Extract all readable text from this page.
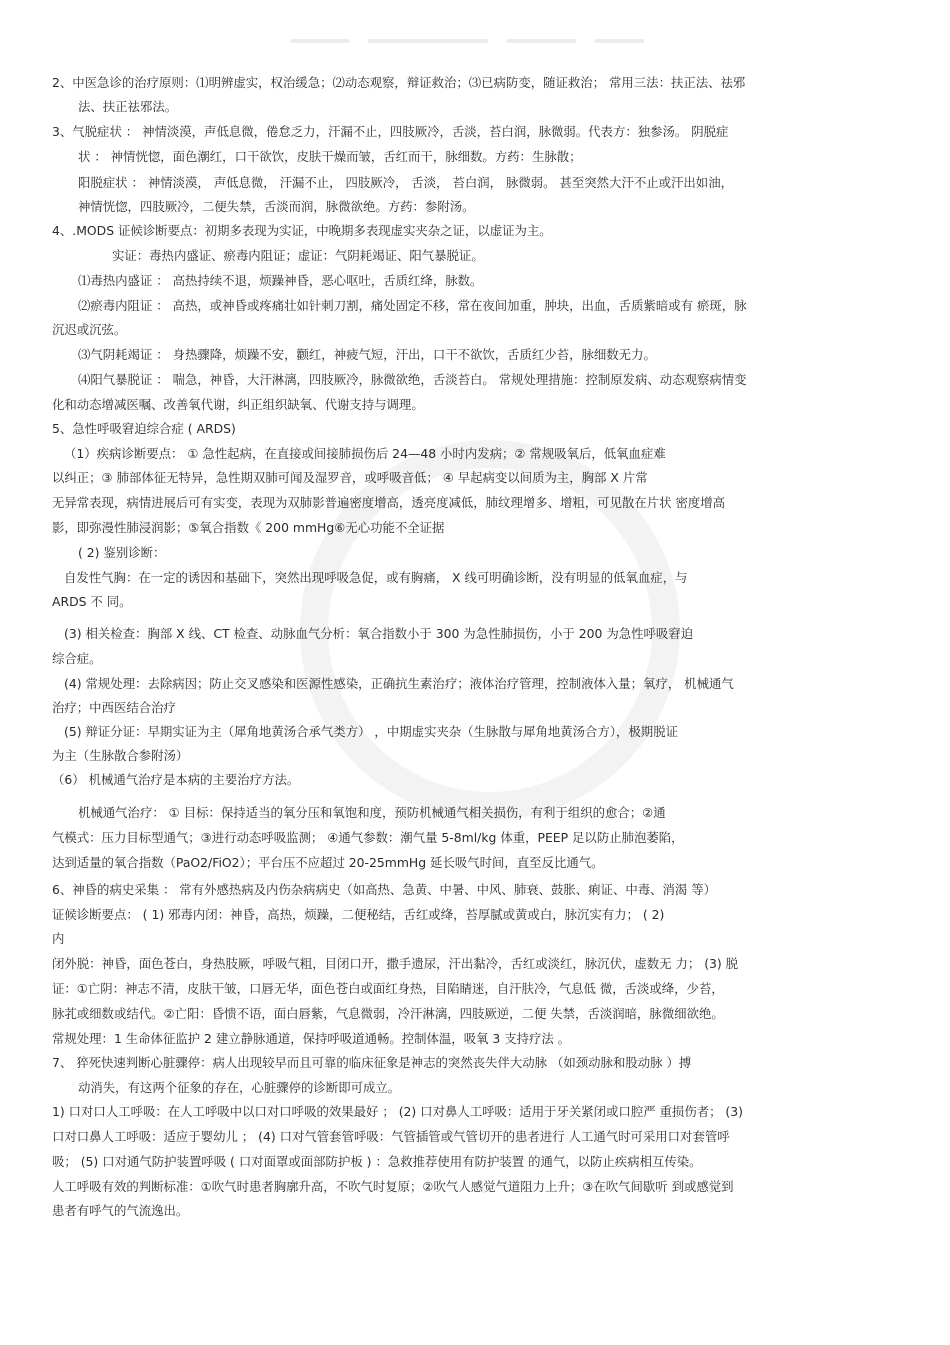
2、中医急诊的治疗原则：⑴明辨虚实，权治缓急；⑵动态观察，辩证救治；⑶已病防变，随证救治； 常用三法：扶正法、祛邪
法、扶正祛邪法。
3、气脱症状 ： 神情淡漠，声低息微，倦怠乏力，汗漏不止，四肢厥冷，舌淡，苔白润，脉微弱。代表方：独参汤。 阴脱症
状 ： 神情恍惚，面色潮红，口干欲饮，皮肤干燥而皱，舌红而干，脉细数。方药：生脉散；
阳脱症状 ： 神情淡漠， 声低息微， 汗漏不止， 四肢厥冷， 舌淡， 苔白润， 脉微弱。 甚至突然大汗不止或汗出如油，
神情恍惚，四肢厥冷，二便失禁，舌淡而润，脉微欲绝。方药：参附汤。
4、.MODS 证候诊断要点：初期多表现为实证，中晚期多表现虚实夹杂之证，以虚证为主。
实证：毒热内盛证、瘀毒内阻证；虚证：气阴耗竭证、阳气暴脱证。
⑴毒热内盛证 ： 高热持续不退，烦躁神昏，恶心呕吐，舌质红绛，脉数。
⑵瘀毒内阻证 ： 高热，或神昏或疼痛壮如针刺刀割，痛处固定不移，常在夜间加重，肿块，出血，舌质紫暗或有 瘀斑，脉
沉迟或沉弦。
⑶气阴耗竭证 ： 身热骤降，烦躁不安，颧红，神疲气短，汗出，口干不欲饮，舌质红少苔，脉细数无力。
⑷阳气暴脱证 ： 喘急，神昏，大汗淋漓，四肢厥冷，脉微欲绝，舌淡苔白。 常规处理措施：控制原发病、动态观察病情变
化和动态增减医嘱、改善氧代谢，纠正组织缺氧、代谢支持与调理。
5、急性呼吸窘迫综合症 ( ARDS)
（1）疾病诊断要点： ① 急性起病，在直接或间接肺损伤后 24—48 小时内发病；② 常规吸氧后，低氧血症难
以纠正；③ 肺部体征无特异，急性期双肺可闻及湿罗音，或呼吸音低； ④ 早起病变以间质为主，胸部 X 片常
无异常表现，病情进展后可有实变，表现为双肺影普遍密度增高，透亮度减低，肺纹理增多、增粗，可见散在片状 密度增高
影，即弥漫性肺浸润影；⑤氧合指数《 200 mmHg⑥无心功能不全证据
( 2) 鉴别诊断：
自发性气胸：在一定的诱因和基础下，突然出现呼吸急促，或有胸痛， X 线可明确诊断，没有明显的低氧血症，与
ARDS 不 同。
(3) 相关检查：胸部 X 线、CT 检查、动脉血气分析：氧合指数小于 300 为急性肺损伤，小于 200 为急性呼吸窘迫
综合症。
(4) 常规处理：去除病因；防止交叉感染和医源性感染，正确抗生素治疗；液体治疗管理，控制液体入量；氧疗， 机械通气
治疗；中西医结合治疗
(5) 辩证分证：早期实证为主（犀角地黄汤合承气类方） ，中期虚实夹杂（生脉散与犀角地黄汤合方），极期脱证
为主（生脉散合参附汤）
（6） 机械通气治疗是本病的主要治疗方法。
机械通气治疗： ① 目标：保持适当的氧分压和氧饱和度，预防机械通气相关损伤，有利于组织的愈合；②通
气模式：压力目标型通气；③进行动态呼吸监测； ④通气参数：潮气量 5-8ml/kg 体重，PEEP 足以防止肺泡萎陷，
达到适量的氧合指数（PaO2/FiO2）；平台压不应超过 20-25mmHg 延长吸气时间，直至反比通气。
6、神昏的病史采集 ： 常有外感热病及内伤杂病病史（如高热、急黄、中暑、中风、肺衰、鼓胀、痢证、中毒、消渴 等）
证候诊断要点： ( 1) 邪毒内闭：神昏，高热，烦躁，二便秘结，舌红或绛，苔厚腻或黄或白，脉沉实有力； ( 2)
内
闭外脱：神昏，面色苍白，身热肢厥，呼吸气粗，目闭口开，撒手遗尿，汗出黏冷，舌红或淡红，脉沉伏，虚数无 力； (3) 脱
证：①亡阴：神志不清，皮肤干皱，口唇无华，面色苍白或面红身热，目陷睛迷，自汗肤冷，气息低 微，舌淡或绛，少苔，
脉芤或细数或结代。②亡阳：昏愦不语，面白唇紫，气息微弱，冷汗淋漓，四肢厥逆，二便 失禁，舌淡润暗，脉微细欲绝。
常规处理：1 生命体征监护 2 建立静脉通道，保持呼吸道通畅。控制体温，吸氧 3 支持疗法 。
7、 猝死快速判断心脏骤停：病人出现较早而且可靠的临床征象是神志的突然丧失伴大动脉 （如颈动脉和股动脉 ）搏
动消失，有这两个征象的存在，心脏骤停的诊断即可成立。
1) 口对口人工呼吸：在人工呼吸中以口对口呼吸的效果最好 ； (2) 口对鼻人工呼吸：适用于牙关紧闭或口腔严 重损伤者； (3)
口对口鼻人工呼吸：适应于婴幼儿 ； (4) 口对气管套管呼吸：气管插管或气管切开的患者进行 人工通气时可采用口对套管呼
吸； (5) 口对通气防护装置呼吸 ( 口对面罩或面部防护板 ) ：急救推荐使用有防护装置 的通气，以防止疾病相互传染。
人工呼吸有效的判断标准：①吹气时患者胸廓升高，不吹气时复原；②吹气人感觉气道阻力上升；③在吹气间歇听 到或感觉到
患者有呼气的气流逸出。
